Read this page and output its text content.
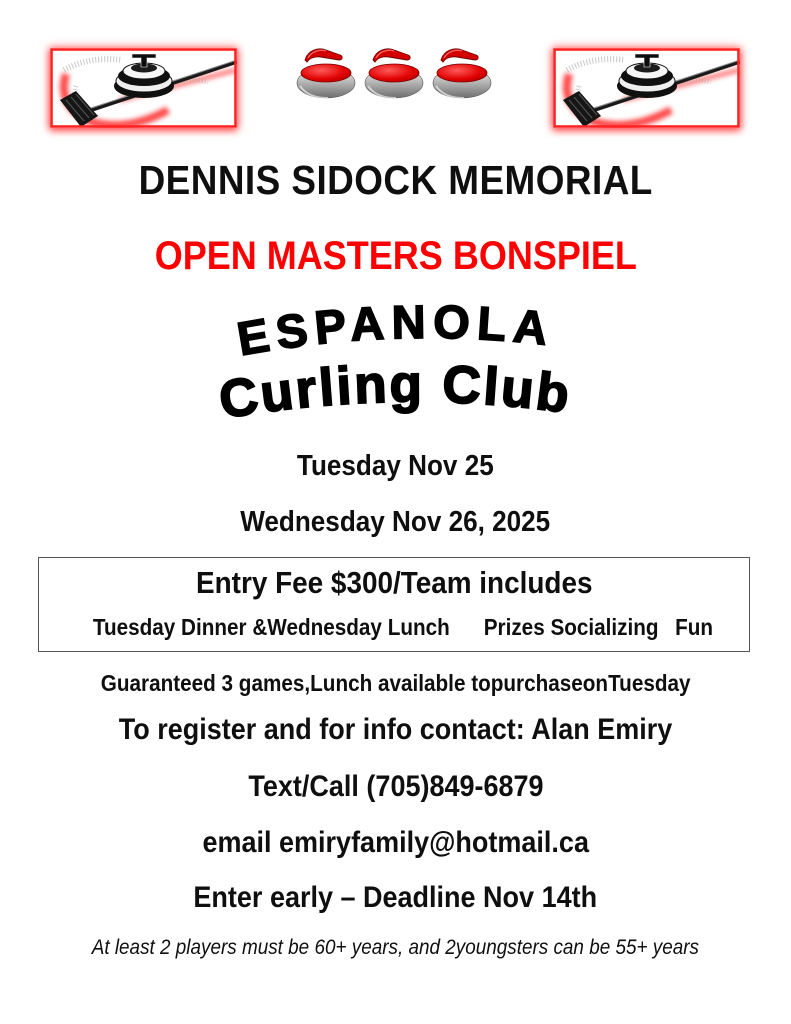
DENNIS SIDOCK MEMORIAL
OPEN MASTERS BONSPIEL
ESPANOLA
Curling Club
Tuesday Nov 25
Wednesday Nov 26, 2025
Entry Fee $300/Team includes
Tuesday Dinner &Wednesday Lunch Prizes Socializing Fun
Guaranteed 3 games,Lunch available topurchaseonTuesday
To register and for info contact: Alan Emiry
Text/Call (705)849-6879
email emiryfamily@hotmail.ca
Enter early – Deadline Nov 14th
At least 2 players must be 60+ years, and 2youngsters can be 55+ years
